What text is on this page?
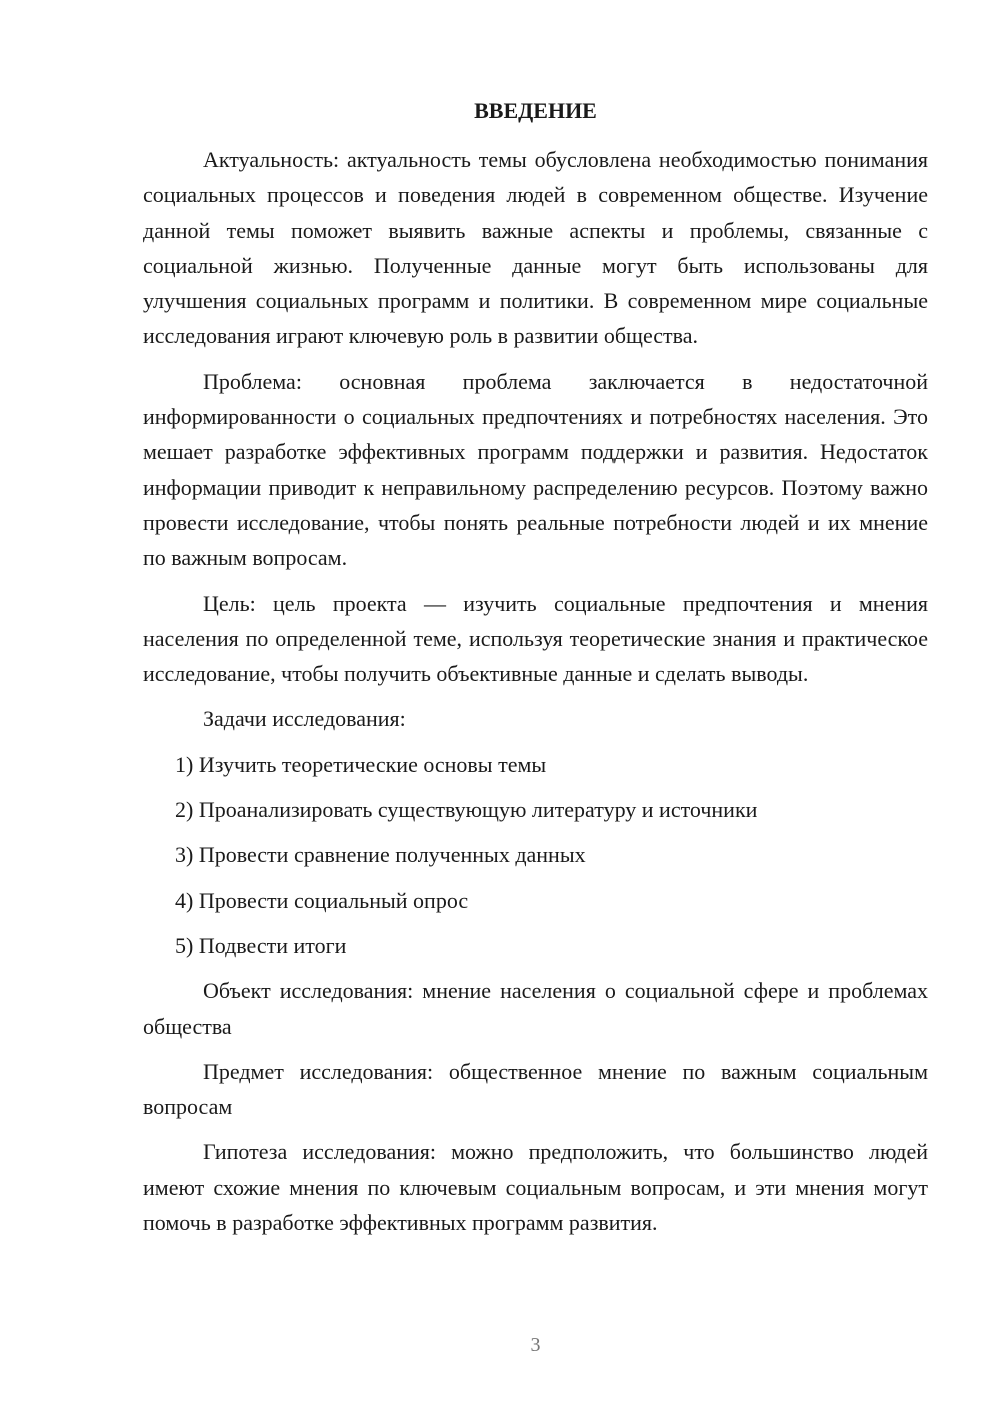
ВВЕДЕНИЕ

Актуальность: актуальность темы обусловлена необходимостью понимания социальных процессов и поведения людей в современном обществе. Изучение данной темы поможет выявить важные аспекты и проблемы, связанные с социальной жизнью. Полученные данные могут быть использованы для улучшения социальных программ и политики. В современном мире социальные исследования играют ключевую роль в развитии общества.

Проблема: основная проблема заключается в недостаточной информированности о социальных предпочтениях и потребностях населения. Это мешает разработке эффективных программ поддержки и развития. Недостаток информации приводит к неправильному распределению ресурсов. Поэтому важно провести исследование, чтобы понять реальные потребности людей и их мнение по важным вопросам.

Цель: цель проекта — изучить социальные предпочтения и мнения населения по определенной теме, используя теоретические знания и практическое исследование, чтобы получить объективные данные и сделать выводы.

Задачи исследования:

1) Изучить теоретические основы темы

2) Проанализировать существующую литературу и источники

3) Провести сравнение полученных данных

4) Провести социальный опрос

5) Подвести итоги

Объект исследования: мнение населения о социальной сфере и проблемах общества

Предмет исследования: общественное мнение по важным социальным вопросам

Гипотеза исследования: можно предположить, что большинство людей имеют схожие мнения по ключевым социальным вопросам, и эти мнения могут помочь в разработке эффективных программ развития.

3
